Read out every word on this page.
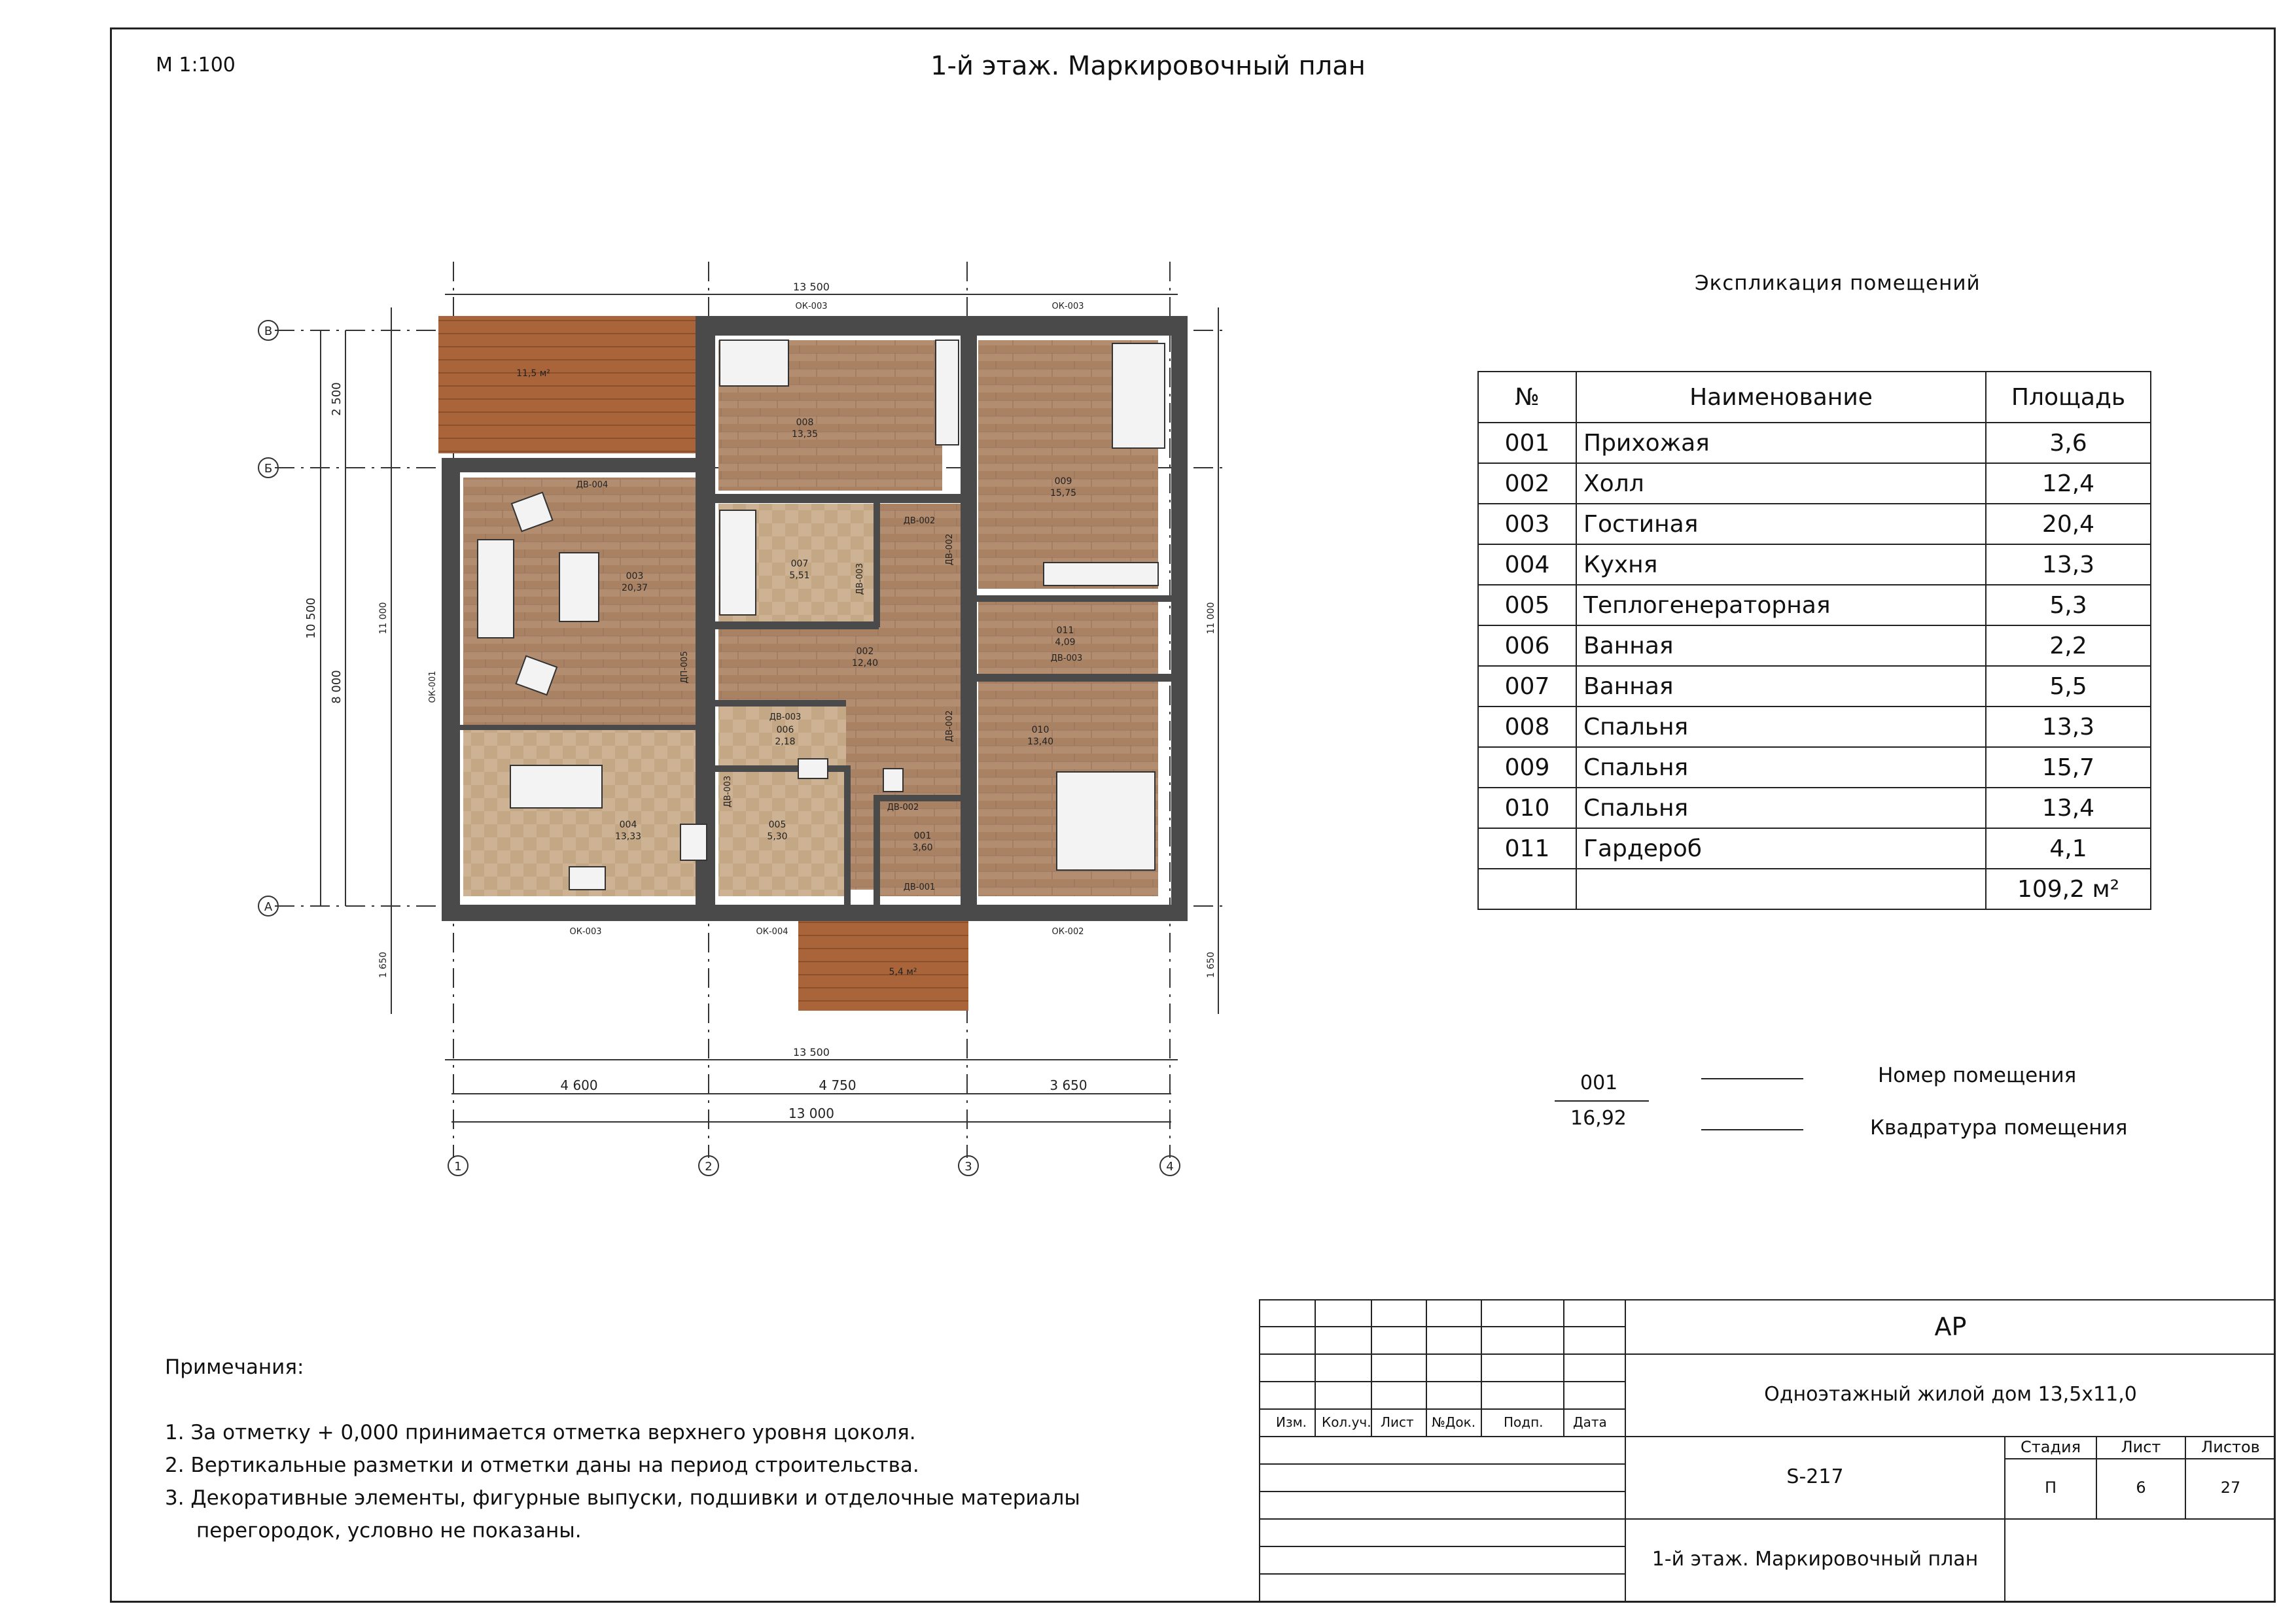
М 1:100	1-й этаж. Маркировочный план
13 500
13 500
4 600	4 750	3 650
13 000
2 500
8 000
10 500	11 000	11 000
1 650	1 650
В
Б
А
1	2	3	4
008
13,35
009
15,75
003
20,37
007
5,51
002
12,40
011
4,09
006
2,18
010
13,40
004
13,33
005
5,30	001
3,60
11,5 м²
5,4 м²
ОК-003	ОК-003
ОК-003	ОК-004	ОК-002
ОК-001
ДВ-004
ДВ-002
ДВ-002
ДВ-002
ДВ-002
ДВ-003
ДВ-003
ДВ-003
ДВ-003
ДВ-001
ДП-005
Экспликация помещений
№	Наименование	Площадь
001	Прихожая	3,6
002	Холл	12,4
003	Гостиная	20,4
004	Кухня	13,3
005	Теплогенераторная	5,3
006	Ванная	2,2
007	Ванная	5,5
008	Спальня	13,3
009	Спальня	15,7
010	Спальня	13,4
011	Гардероб	4,1
		109,2 м²
001
16,92
Номер помещения
Квадратура помещения
Примечания:
1. За отметку + 0,000 принимается отметка верхнего уровня цоколя.
2. Вертикальные разметки и отметки даны на период строительства.
3. Декоративные элементы, фигурные выпуски, подшивки и отделочные материалы
перегородок, условно не показаны.
Изм. Кол.уч. Лист №Док. Подп. Дата
АР
Одноэтажный жилой дом 13,5х11,0
S-217
1-й этаж. Маркировочный план
Стадия	Лист	Листов
П	6	27
